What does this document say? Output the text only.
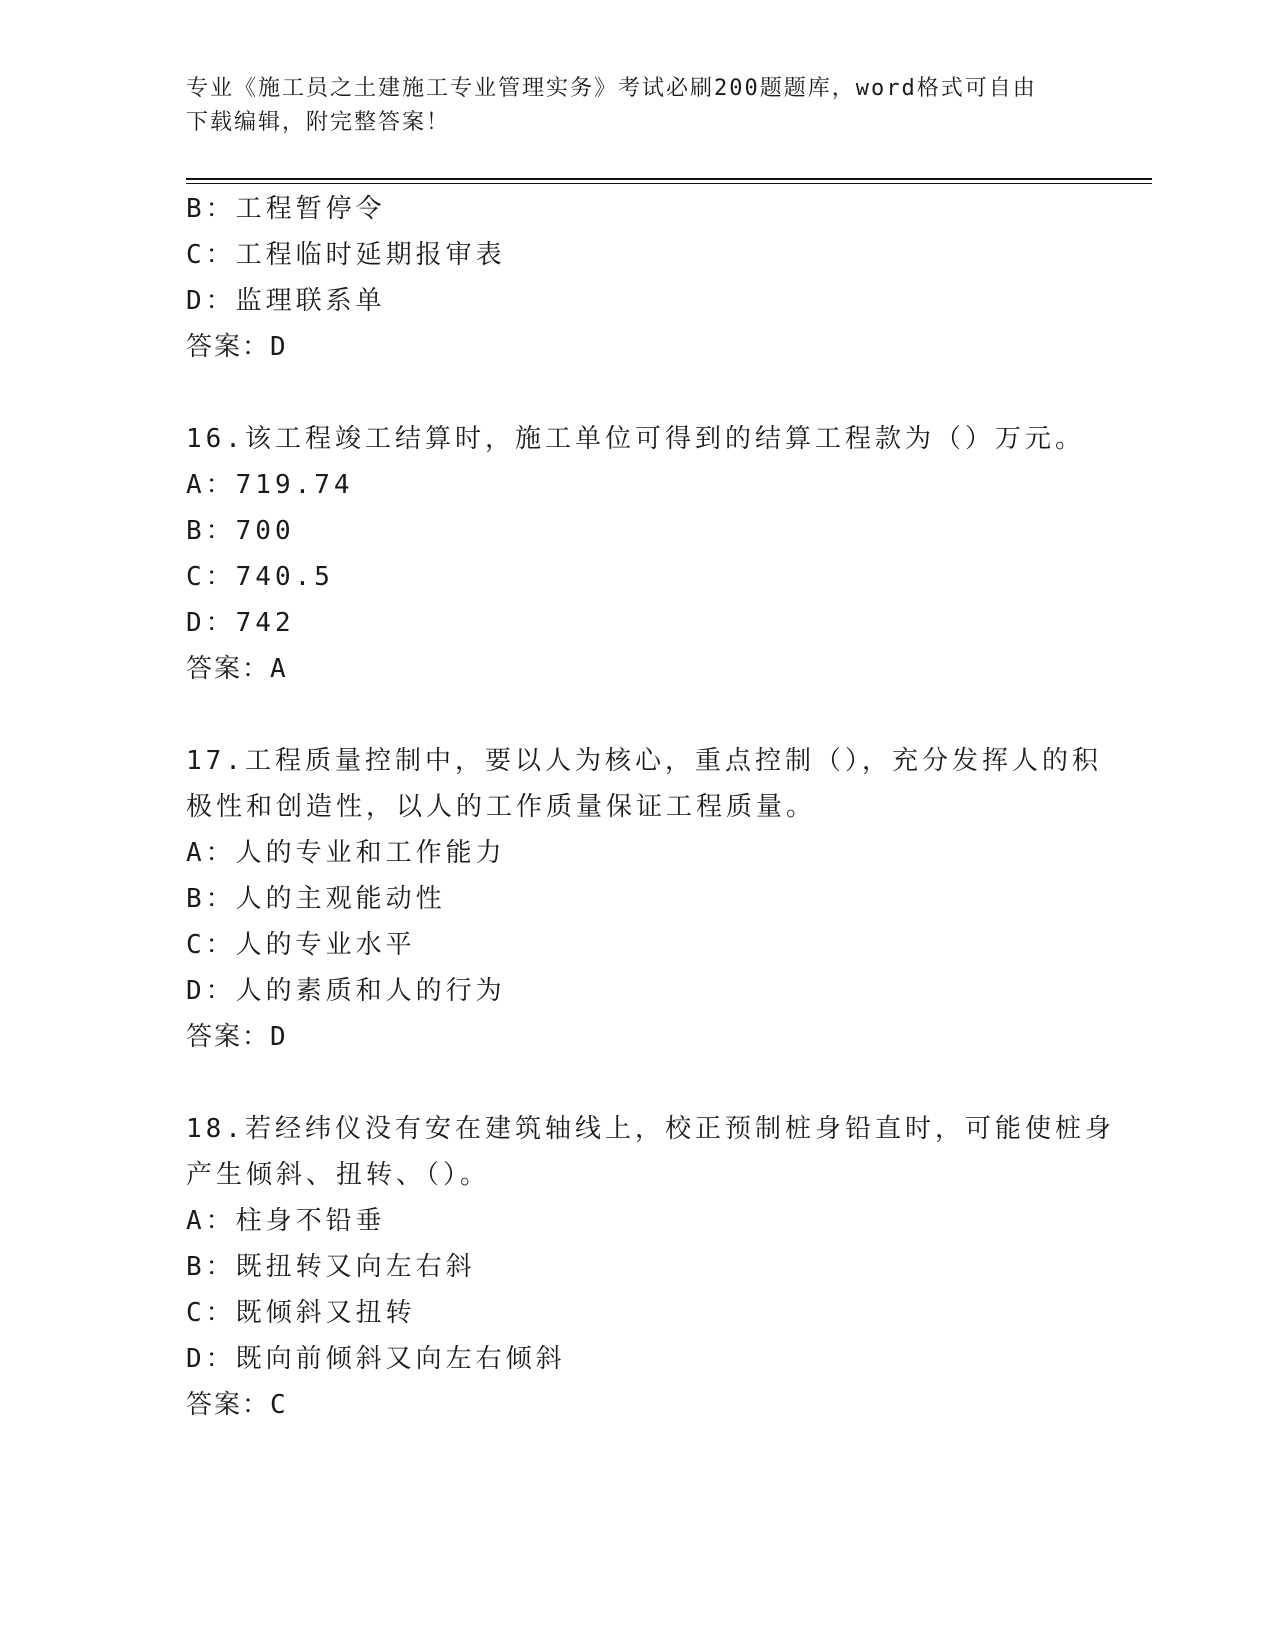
专业《施工员之土建施工专业管理实务》考试必刷200题题库，word格式可自由
下载编辑，附完整答案！
B：工程暂停令
C：工程临时延期报审表
D：监理联系单
答案：D
16.该工程竣工结算时，施工单位可得到的结算工程款为（）万元。
A：719.74
B：700
C：740.5
D：742
答案：A
17.工程质量控制中，要以人为核心，重点控制（），充分发挥人的积
极性和创造性，以人的工作质量保证工程质量。
A：人的专业和工作能力
B：人的主观能动性
C：人的专业水平
D：人的素质和人的行为
答案：D
18.若经纬仪没有安在建筑轴线上，校正预制桩身铅直时，可能使桩身
产生倾斜、扭转、（）。
A：柱身不铅垂
B：既扭转又向左右斜
C：既倾斜又扭转
D：既向前倾斜又向左右倾斜
答案：C
